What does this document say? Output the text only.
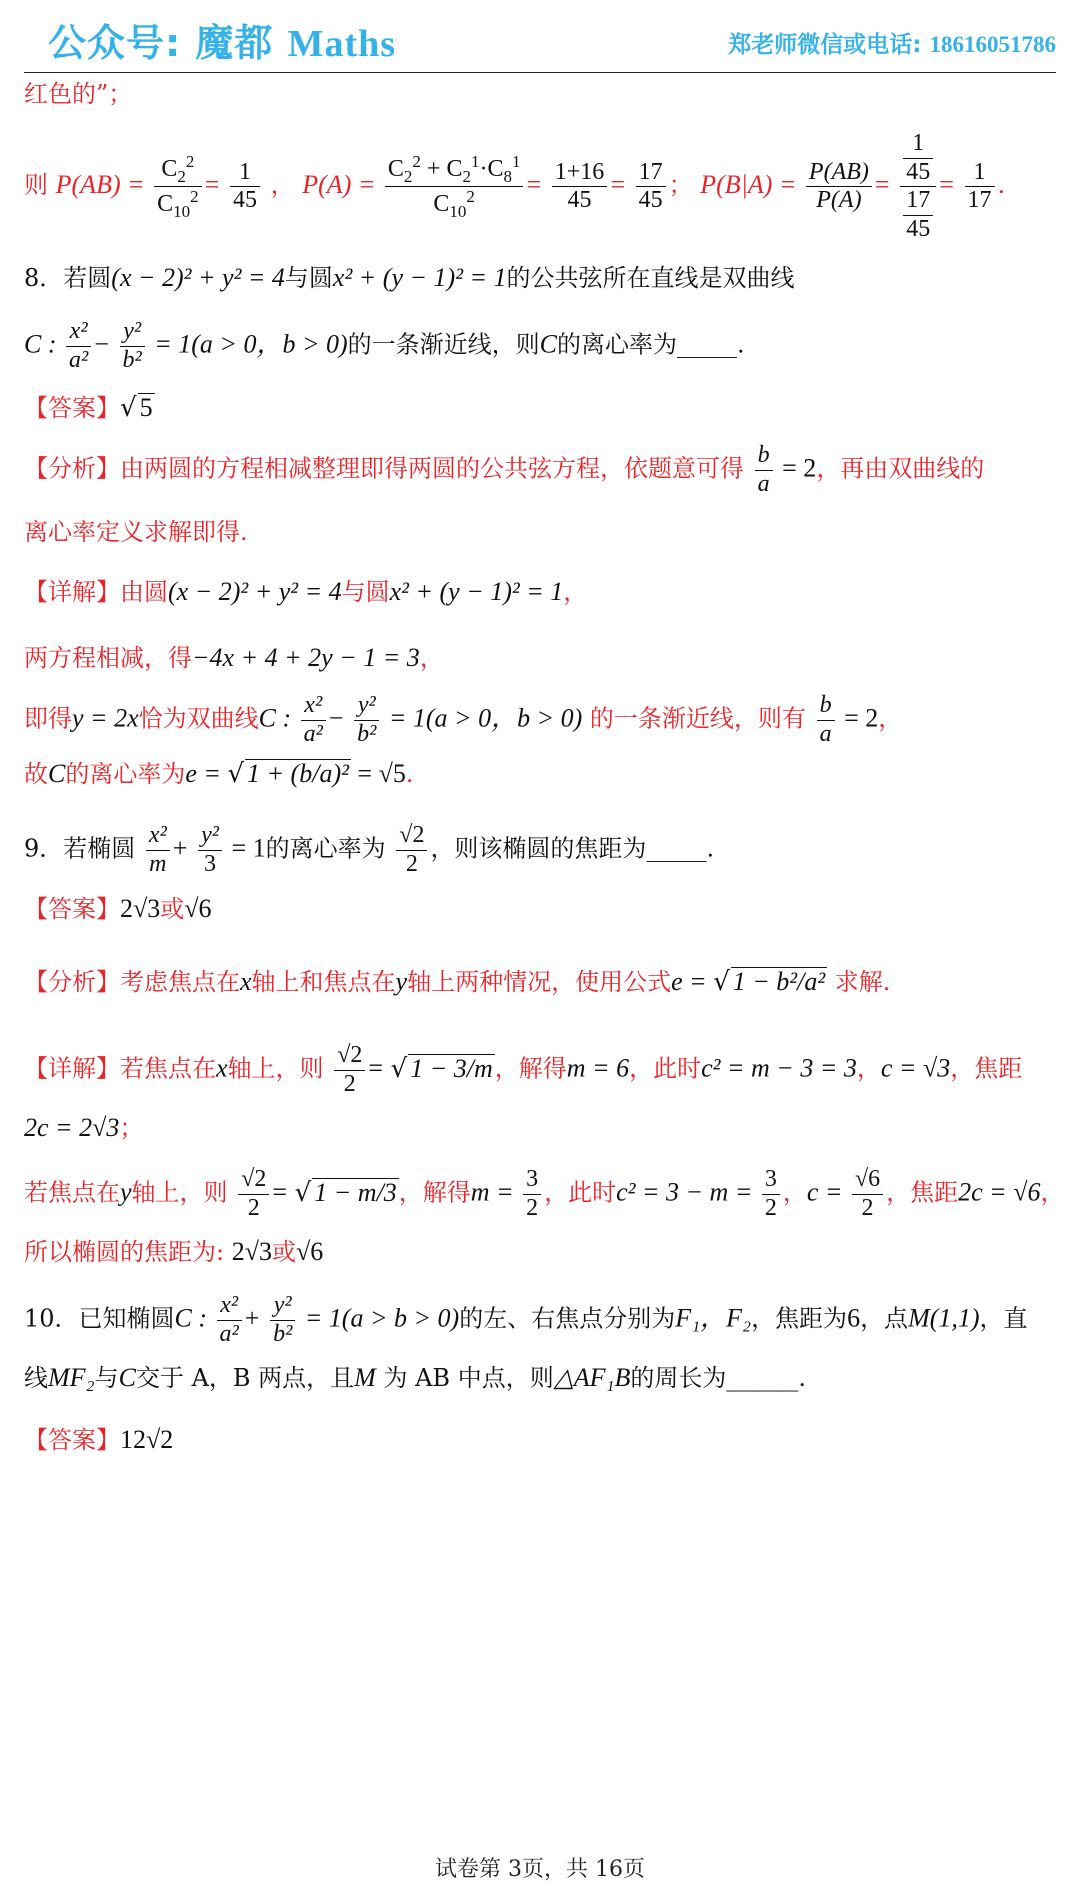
公众号: 魔都 Maths	郑老师微信或电话: 18616051786
红色的”；
则 $P(AB) = \frac{C_2^2}{C_{10}^2} = \frac{1}{45}$ ， $P(A) = \frac{C_2^2 + C_2^1\cdot C_8^1}{C_{10}^2} = \frac{1+16}{45} = \frac{17}{45}$ ； $P(B|A) = \frac{P(AB)}{P(A)} = \frac{\frac{1}{45}}{\frac{17}{45}} = \frac{1}{17}$ .
8．若圆(x − 2)² + y² = 4与圆x² + (y − 1)² = 1的公共弦所在直线是双曲线
C : $\frac{\text{x²}}{\text{a²}} - \frac{\text{y²}}{\text{b²}} = 1(a > 0$，b > 0)的一条渐近线，则C的离心率为_____.
【答案】 √ 5
【分析】由两圆的方程相减整理即得两圆的公共弦方程，依题意可得 $\frac{b}{a} = 2$，再由双曲线的
离心率定义求解即得.
【详解】由圆(x − 2)² + y² = 4与圆x² + (y − 1)² = 1，
两方程相减，得−4x + 4 + 2y − 1 = 3，
即得y = 2x恰为双曲线C : $\frac{\text{x²}}{\text{a²}} - \frac{\text{y²}}{\text{b²}} = 1(a > 0$，b > 0) 的一条渐近线，则有 $\frac{b}{a} = 2$，
故C的离心率为e = √ 1 + (b/a)² = √5.
9．若椭圆 $\frac{\text{x²}}{m} + \frac{\text{y²}}{3} = 1$的离心率为 $\frac{√2}{2}$ ，则该椭圆的焦距为_____.
【答案】2√3或√6
【分析】考虑焦点在x轴上和焦点在y轴上两种情况，使用公式e = √ 1 − b²/a² 求解.
【详解】若焦点在x轴上，则 $\frac{√2}{2}$ = √ 1 − 3/m，解得m = 6，此时c² = m − 3 = 3，c = √3，焦距
2c = 2√3；
若焦点在y轴上，则 $\frac{√2}{2}$ = √ 1 − m/3，解得$m = \frac{3}{2}$ ，此时$c^2 = 3 - m = \frac{3}{2}$ ，$c = \frac{√6}{2}$ ，焦距2c = √6，
所以椭圆的焦距为: 2√3或√6
10．已知椭圆C : $\frac{\text{x²}}{\text{a²}} + \frac{\text{y²}}{\text{b²}} = 1(a > b > 0)$的左、右焦点分别为F₁，F₂，焦距为6，点M(1,1)，直
线MF₂与C交于 A，B 两点，且M 为 AB 中点，则△AF₁B的周长为______.
【答案】12√2
试卷第 3页，共 16页
